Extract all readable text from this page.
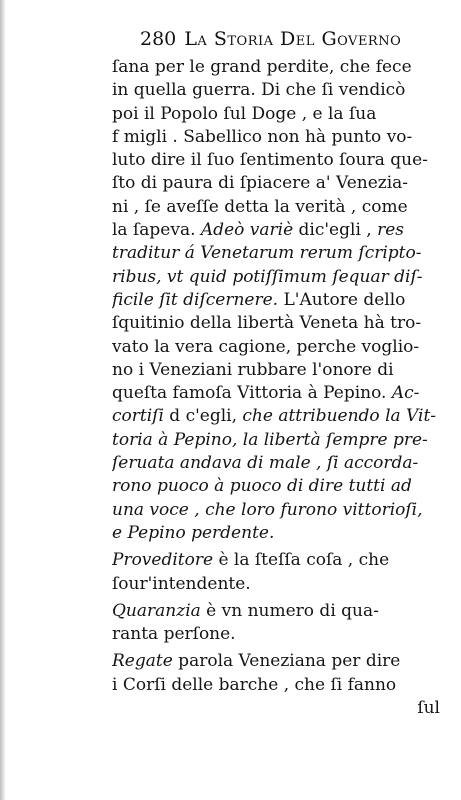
280 La Storia Del Governo
ſana per le grand perdite, che fece
in quella guerra. Di che ſi vendicò
poi il Popolo ſul Doge , e la ſua
f migli . Sabellico non hà punto vo-
luto dire il ſuo ſentimento ſoura que-
ſto di paura di ſpiacere a' Venezia-
ni , ſe aveſſe detta la verità , come
la ſapeva. Adeò variè dic'egli , res
traditur á Venetarum rerum ſcripto-
ribus, vt quid potiſſimum ſequar diſ-
ficile ſit diſcernere. L'Autore dello
ſquitinio della libertà Veneta hà tro-
vato la vera cagione, perche voglio-
no i Veneziani rubbare l'onore di
queſta famoſa Vittoria à Pepino. Ac-
cortiſi d c'egli, che attribuendo la Vit-
toria à Pepino, la libertà ſempre pre-
ſeruata andava di male , ſi accorda-
rono puoco à puoco di dire tutti ad
una voce , che loro furono vittorioſi,
e Pepino perdente.
Proveditore è la ſteſſa coſa , che
ſour'intendente.
Quaranzia è vn numero di qua-
ranta perſone.
Regate parola Veneziana per dire
i Corſi delle barche , che ſi fanno
ſul
